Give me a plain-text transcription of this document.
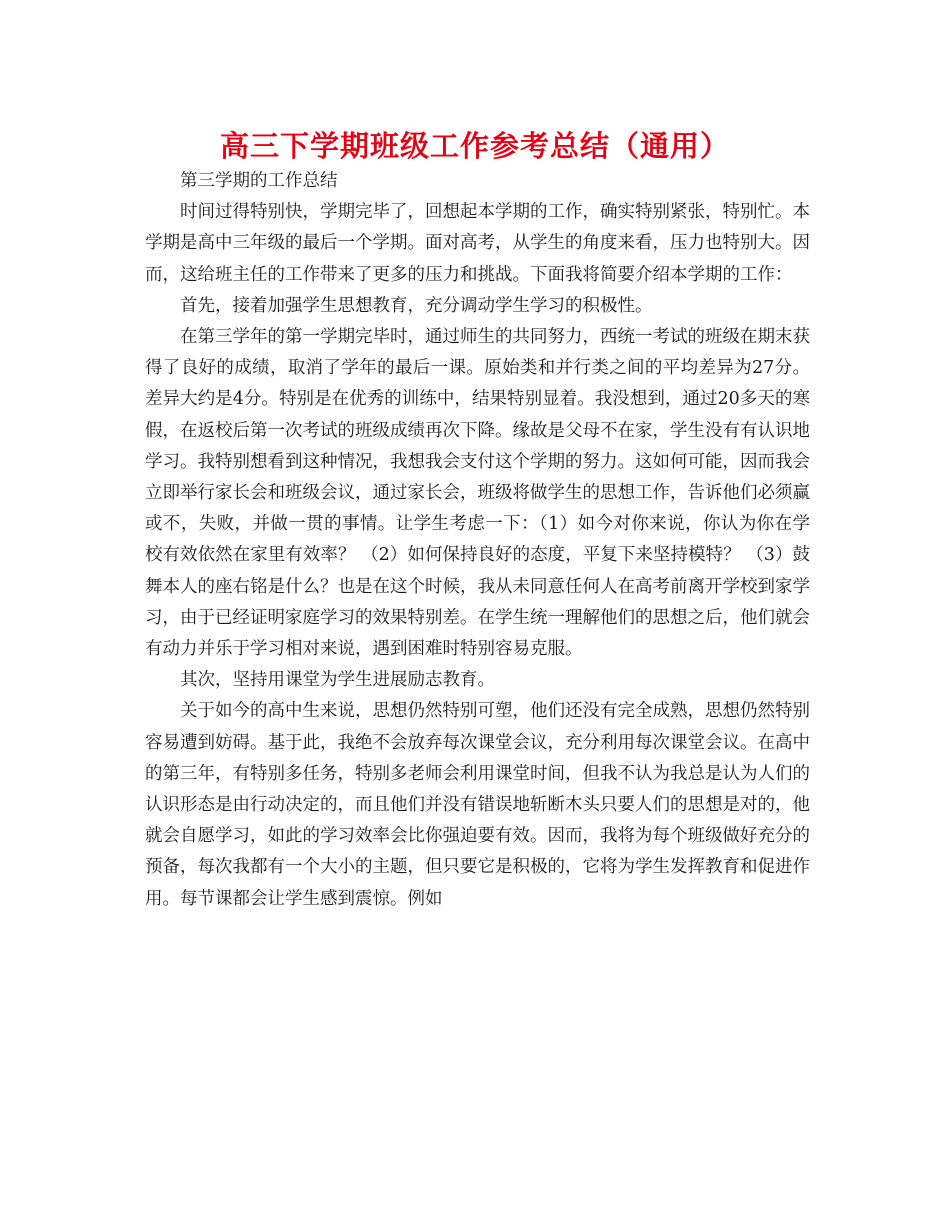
高三下学期班级工作参考总结（通用）

第三学期的工作总结

时间过得特别快，学期完毕了，回想起本学期的工作，确实特别紧张，特别忙。本学期是高中三年级的最后一个学期。面对高考，从学生的角度来看，压力也特别大。因而，这给班主任的工作带来了更多的压力和挑战。下面我将简要介绍本学期的工作：

首先，接着加强学生思想教育，充分调动学生学习的积极性。

在第三学年的第一学期完毕时，通过师生的共同努力，西统一考试的班级在期末获得了良好的成绩，取消了学年的最后一课。原始类和并行类之间的平均差异为27分。差异大约是4分。特别是在优秀的训练中，结果特别显着。我没想到，通过20多天的寒假，在返校后第一次考试的班级成绩再次下降。缘故是父母不在家，学生没有有认识地学习。我特别想看到这种情况，我想我会支付这个学期的努力。这如何可能，因而我会立即举行家长会和班级会议，通过家长会，班级将做学生的思想工作，告诉他们必须赢或不，失败，并做一贯的事情。让学生考虑一下：（1）如今对你来说，你认为你在学校有效依然在家里有效率？ （2）如何保持良好的态度，平复下来坚持模特？ （3）鼓舞本人的座右铭是什么？也是在这个时候，我从未同意任何人在高考前离开学校到家学习，由于已经证明家庭学习的效果特别差。在学生统一理解他们的思想之后，他们就会有动力并乐于学习相对来说，遇到困难时特别容易克服。

其次，坚持用课堂为学生进展励志教育。

关于如今的高中生来说，思想仍然特别可塑，他们还没有完全成熟，思想仍然特别容易遭到妨碍。基于此，我绝不会放弃每次课堂会议，充分利用每次课堂会议。在高中的第三年，有特别多任务，特别多老师会利用课堂时间，但我不认为我总是认为人们的认识形态是由行动决定的，而且他们并没有错误地斩断木头只要人们的思想是对的，他就会自愿学习，如此的学习效率会比你强迫要有效。因而，我将为每个班级做好充分的预备，每次我都有一个大小的主题，但只要它是积极的，它将为学生发挥教育和促进作用。每节课都会让学生感到震惊。例如
